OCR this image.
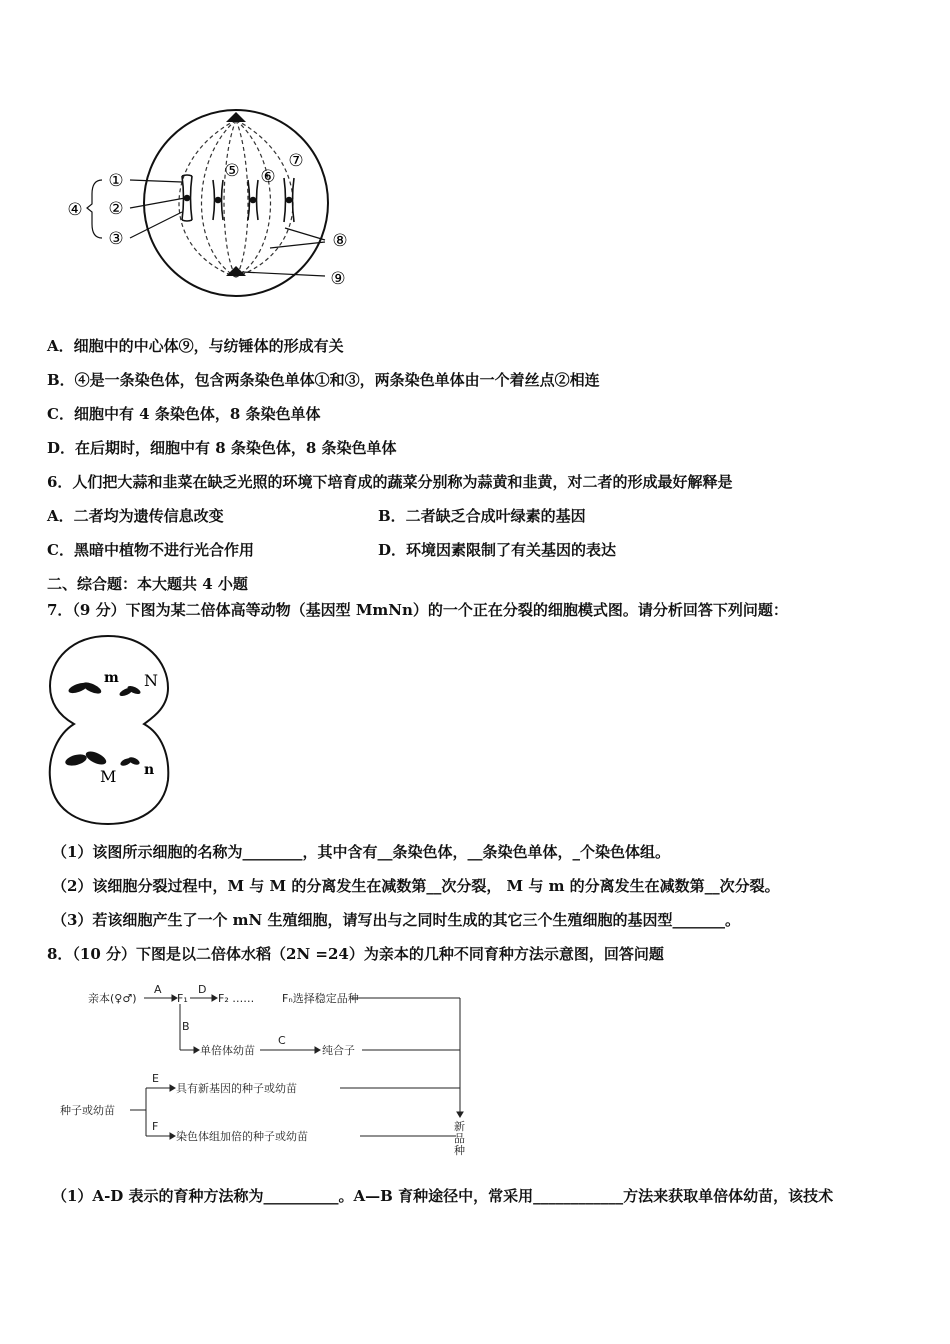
①
②
③
④
⑤ ⑥
⑦
⑧
⑨
A．细胞中的中心体⑨，与纺锤体的形成有关
B．④是一条染色体，包含两条染色单体①和③，两条染色单体由一个着丝点②相连
C．细胞中有 4 条染色体，8 条染色单体
D．在后期时，细胞中有 8 条染色体，8 条染色单体
6．人们把大蒜和韭菜在缺乏光照的环境下培育成的蔬菜分别称为蒜黄和韭黄，对二者的形成最好解释是
A．二者均为遗传信息改变	B．二者缺乏合成叶绿素的基因
C．黑暗中植物不进行光合作用	D．环境因素限制了有关基因的表达
二、综合题：本大题共 4 小题
7．（9 分）下图为某二倍体高等动物（基因型 MmNn）的一个正在分裂的细胞模式图。请分析回答下列问题：
m N
M n
（1）该图所示细胞的名称为________，其中含有__条染色体，__条染色单体，_个染色体组。
（2）该细胞分裂过程中，M 与 M 的分离发生在减数第__次分裂， M 与 m 的分离发生在减数第__次分裂。
（3）若该细胞产生了一个 mN 生殖细胞，请写出与之同时生成的其它三个生殖细胞的基因型_______。
8．（10 分）下图是以二倍体水稻（2N =24）为亲本的几种不同育种方法示意图，回答问题
亲本(♀♂)
A
F₁
D
F₂ ……	Fₙ选择稳定品种
B
单倍体幼苗
C
纯合子
种子或幼苗
E
具有新基因的种子或幼苗
F
染色体组加倍的种子或幼苗
新
品
种
（1）A-D 表示的育种方法称为__________。A—B 育种途径中，常采用____________方法来获取单倍体幼苗，该技术
